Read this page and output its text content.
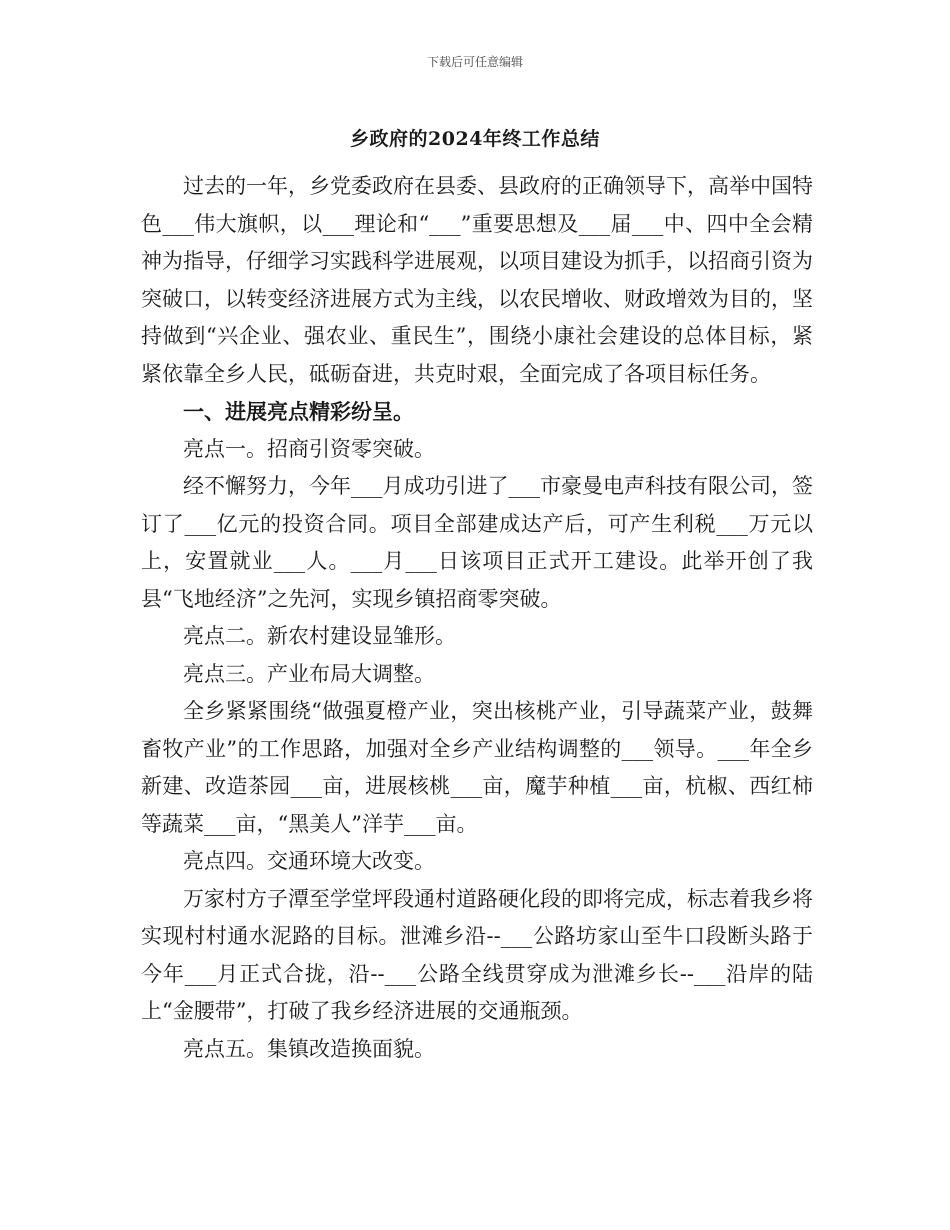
下载后可任意编辑
乡政府的2024年终工作总结

过去的一年，乡党委政府在县委、县政府的正确领导下，高举中国特色___伟大旗帜，以___理论和“___”重要思想及___届___中、四中全会精神为指导，仔细学习实践科学进展观，以项目建设为抓手，以招商引资为突破口，以转变经济进展方式为主线，以农民增收、财政增效为目的，坚持做到“兴企业、强农业、重民生”，围绕小康社会建设的总体目标，紧紧依靠全乡人民，砥砺奋进，共克时艰，全面完成了各项目标任务。

一、进展亮点精彩纷呈。

亮点一。招商引资零突破。

经不懈努力，今年___月成功引进了___市豪曼电声科技有限公司，签订了___亿元的投资合同。项目全部建成达产后，可产生利税___万元以上，安置就业___人。___月___日该项目正式开工建设。此举开创了我县“飞地经济”之先河，实现乡镇招商零突破。

亮点二。新农村建设显雏形。

亮点三。产业布局大调整。

全乡紧紧围绕“做强夏橙产业，突出核桃产业，引导蔬菜产业，鼓舞畜牧产业”的工作思路，加强对全乡产业结构调整的___领导。___年全乡新建、改造茶园___亩，进展核桃___亩，魔芋种植___亩，杭椒、西红柿等蔬菜___亩，“黑美人”洋芋___亩。

亮点四。交通环境大改变。

万家村方子潭至学堂坪段通村道路硬化段的即将完成，标志着我乡将实现村村通水泥路的目标。泄滩乡沿--___公路坊家山至牛口段断头路于今年___月正式合拢，沿--___公路全线贯穿成为泄滩乡长--___沿岸的陆上“金腰带”，打破了我乡经济进展的交通瓶颈。

亮点五。集镇改造换面貌。
